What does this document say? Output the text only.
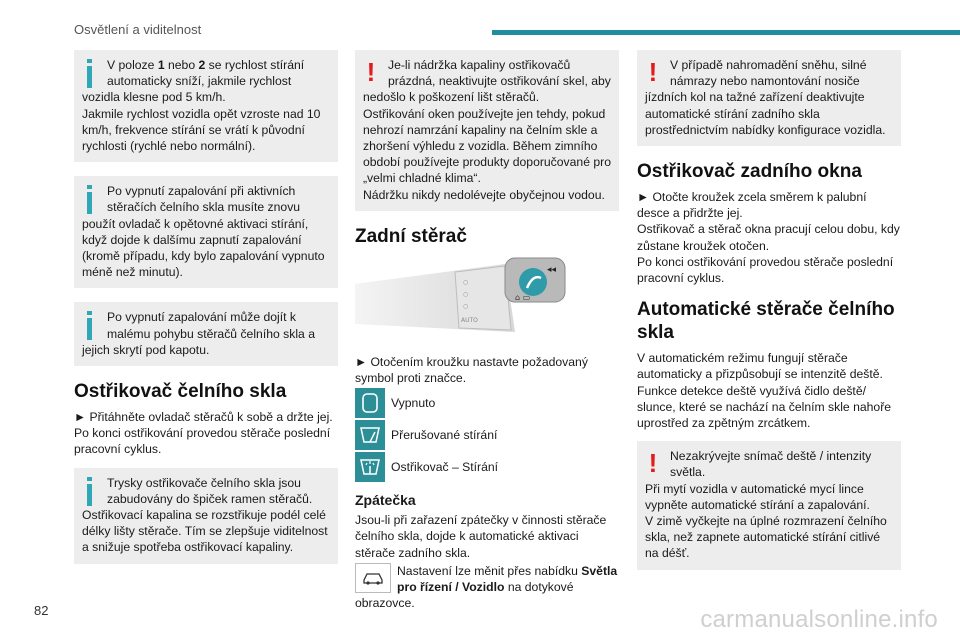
Osvětlení a viditelnost

V poloze 1 nebo 2 se rychlost stírání automaticky sníží, jakmile rychlost

vozidla klesne pod 5 km/h.
Jakmile rychlost vozidla opět vzroste nad 10 km/h, frekvence stírání se vrátí k původní rychlosti (rychlé nebo normální).

Po vypnutí zapalování při aktivních stěračích čelního skla musíte znovu

použít ovladač k opětovné aktivaci stírání, když dojde k dalšímu zapnutí zapalování (kromě případu, kdy bylo zapalování vypnuto méně než minutu).

Po vypnutí zapalování může dojít k malému pohybu stěračů čelního skla a

jejich skrytí pod kapotu.

Ostřikovač čelního skla

► Přitáhněte ovladač stěračů k sobě a držte jej.
Po konci ostřikování provedou stěrače poslední pracovní cyklus.

Trysky ostřikovače čelního skla jsou zabudovány do špiček ramen stěračů.

Ostřikovací kapalina se rozstřikuje podél celé délky lišty stěrače. Tím se zlepšuje viditelnost a snižuje spotřeba ostřikovací kapaliny.

!	Je-li nádržka kapaliny ostřikovačů prázdná, neaktivujte ostřikování skel, aby

nedošlo k poškození lišt stěračů.
Ostřikování oken používejte jen tehdy, pokud nehrozí namrzání kapaliny na čelním skle a zhoršení výhledu z vozidla. Během zimního období používejte produkty doporučované pro „velmi chladné klima“.
Nádržku nikdy nedolévejte obyčejnou vodou.

Zadní stěrač
◂◂
⌂ ▭
○
○
○
AUTO

► Otočením kroužku nastavte požadovaný symbol proti značce.

Vypnuto
Přerušované stírání
Ostřikovač – Stírání
Zpátečka

Jsou-li při zařazení zpátečky v činnosti stěrače čelního skla, dojde k automatické aktivaci stěrače zadního skla.

Nastavení lze měnit přes nabídku Světla pro řízení / Vozidlo na dotykové obrazovce.
!	V případě nahromadění sněhu, silné námrazy nebo namontování nosiče

jízdních kol na tažné zařízení deaktivujte automatické stírání zadního skla prostřednictvím nabídky konfigurace vozidla.

Ostřikovač zadního okna

► Otočte kroužek zcela směrem k palubní desce a přidržte jej.
Ostřikovač a stěrač okna pracují celou dobu, kdy zůstane kroužek otočen.
Po konci ostřikování provedou stěrače poslední pracovní cyklus.

Automatické stěrače čelního skla

V automatickém režimu fungují stěrače automaticky a přizpůsobují se intenzitě deště. Funkce detekce deště využívá čidlo deště/ slunce, které se nachází na čelním skle nahoře uprostřed za zpětným zrcátkem.

!	Nezakrývejte snímač deště / intenzity světla.

Při mytí vozidla v automatické mycí lince vypněte automatické stírání a zapalování.
V zimě vyčkejte na úplné rozmrazení čelního skla, než zapnete automatické stírání citlivé na déšť.

82	carmanualsonline.info
